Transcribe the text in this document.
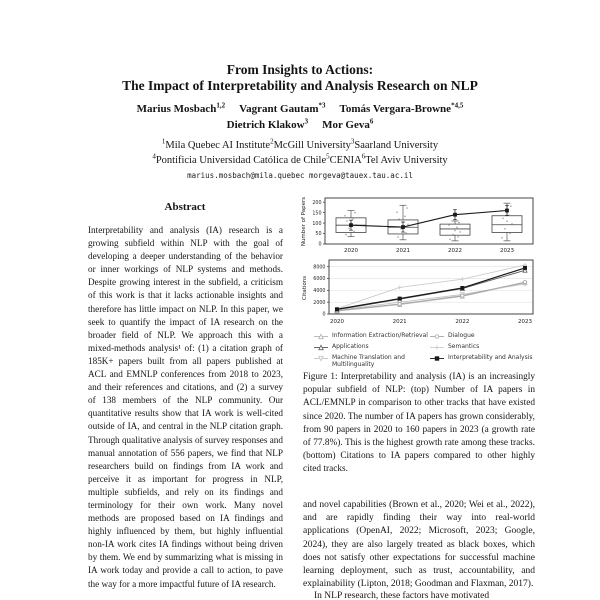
From Insights to Actions:
The Impact of Interpretability and Analysis Research on NLP
Marius Mosbach$^{1,2}$ Vagrant Gautam$^{*3}$ Tomás Vergara-Browne$^{*4,5}$
Dietrich Klakow$^3$ Mor Geva$^6$
$^1$Mila Quebec AI Institute$^2$McGill University$^3$Saarland University
$^4$Pontificia Universidad Católica de Chile$^5$CENIA$^6$Tel Aviv University
marius.mosbach@mila.quebec morgeva@tauex.tau.ac.il
Abstract
Interpretability and analysis (IA) research is a growing subfield within NLP with the goal of developing a deeper understanding of the behavior or inner workings of NLP systems and methods. Despite growing interest in the subfield, a criticism of this work is that it lacks actionable insights and therefore has little impact on NLP. In this paper, we seek to quantify the impact of IA research on the broader field of NLP. We approach this with a mixed-methods analysis¹ of: (1) a citation graph of 185K+ papers built from all papers published at ACL and EMNLP conferences from 2018 to 2023, and their references and citations, and (2) a survey of 138 members of the NLP community. Our quantitative results show that IA work is well-cited outside of IA, and central in the NLP citation graph. Through qualitative analysis of survey responses and manual annotation of 556 papers, we find that NLP researchers build on findings from IA work and perceive it as important for progress in NLP, multiple subfields, and rely on its findings and terminology for their own work. Many novel methods are proposed based on IA findings and highly influenced by them, but highly influential non-IA work cites IA findings without being driven by them. We end by summarizing what is missing in IA work today and provide a call to action, to pave the way for a more impactful future of IA research.
0
50
100
150
200
2020	2021	2022	2023
Number of Papers
0
2000
4000
6000
8000
2020	2021	2022	2023
Citations
Information Extraction/Retrieval	Dialogue
Applications	Semantics
Machine Translation and Multilinguality
Interpretability and Analysis
Figure 1: Interpretability and analysis (IA) is an increasingly popular subfield of NLP: (top) Number of IA papers in ACL/EMNLP in comparison to other tracks that have existed since 2020. The number of IA papers has grown considerably, from 90 papers in 2020 to 160 papers in 2023 (a growth rate of 77.8%). This is the highest growth rate among these tracks. (bottom) Citations to IA papers compared to other highly cited tracks.
and novel capabilities (Brown et al., 2020; Wei et al., 2022), and are rapidly finding their way into real-world applications (OpenAI, 2022; Microsoft, 2023; Google, 2024), they are also largely treated as black boxes, which does not satisfy other expectations for successful machine learning deployment, such as trust, accountability, and explainability (Lipton, 2018; Goodman and Flaxman, 2017).
In NLP research, these factors have motivated
